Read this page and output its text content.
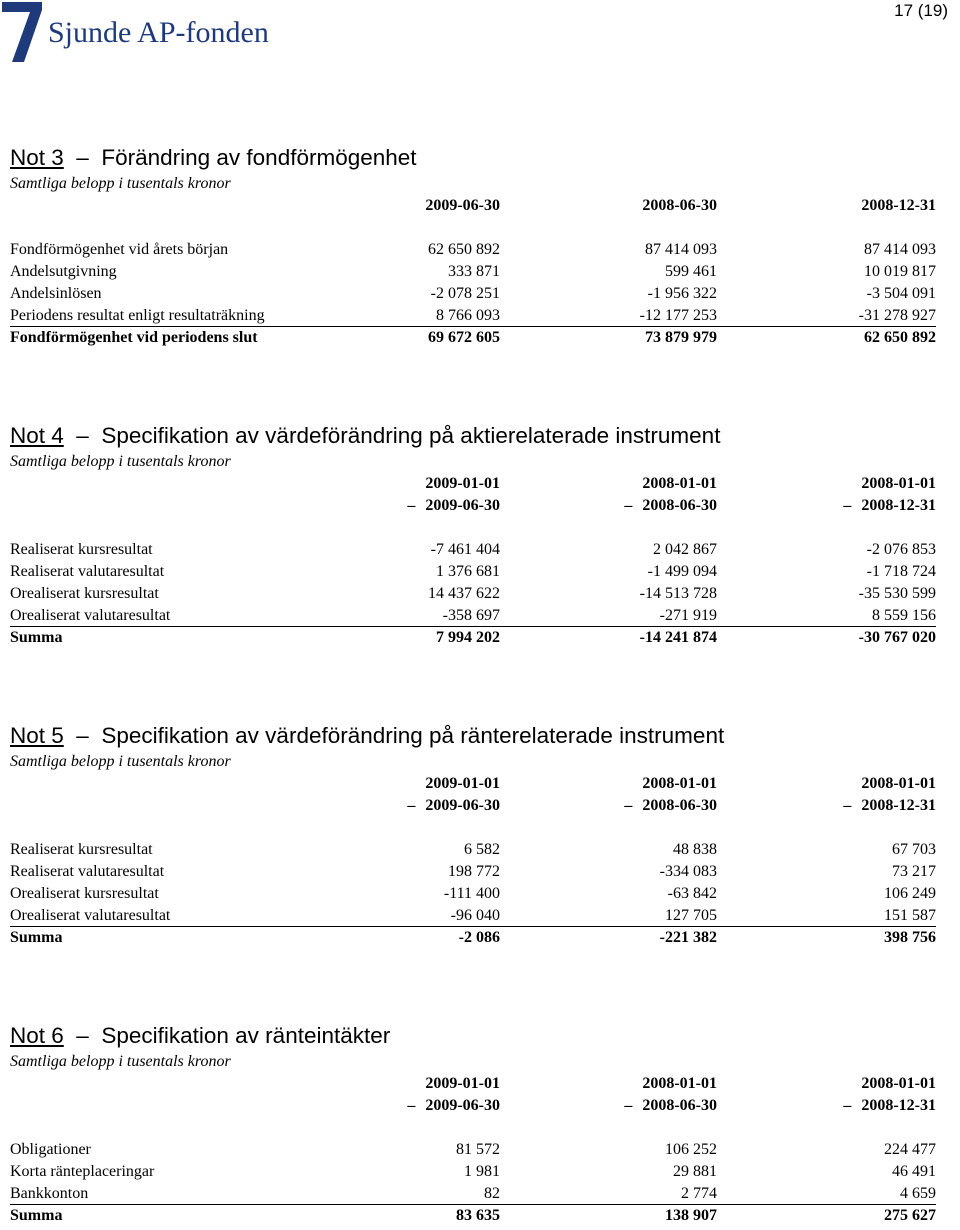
Sjunde AP-fonden
17 (19)
Not 3  –  Förändring av fondförmögenhet
Samtliga belopp i tusentals kronor
2009-06-30	2008-06-30	2008-12-31
Fondförmögenhet vid årets början	62 650 892	87 414 093	87 414 093
Andelsutgivning	333 871	599 461	10 019 817
Andelsinlösen	-2 078 251	-1 956 322	-3 504 091
Periodens resultat enligt resultaträkning	8 766 093	-12 177 253	-31 278 927
Fondförmögenhet vid periodens slut	69 672 605	73 879 979	62 650 892
Not 4  –  Specifikation av värdeförändring på aktierelaterade instrument
Samtliga belopp i tusentals kronor
2009-01-01	2008-01-01	2008-01-01
– 2009-06-30	– 2008-06-30	– 2008-12-31
Realiserat kursresultat	-7 461 404	2 042 867	-2 076 853
Realiserat valutaresultat	1 376 681	-1 499 094	-1 718 724
Orealiserat kursresultat	14 437 622	-14 513 728	-35 530 599
Orealiserat valutaresultat	-358 697	-271 919	8 559 156
Summa	7 994 202	-14 241 874	-30 767 020
Not 5  –  Specifikation av värdeförändring på ränterelaterade instrument
Samtliga belopp i tusentals kronor
2009-01-01	2008-01-01	2008-01-01
– 2009-06-30	– 2008-06-30	– 2008-12-31
Realiserat kursresultat	6 582	48 838	67 703
Realiserat valutaresultat	198 772	-334 083	73 217
Orealiserat kursresultat	-111 400	-63 842	106 249
Orealiserat valutaresultat	-96 040	127 705	151 587
Summa	-2 086	-221 382	398 756
Not 6  –  Specifikation av ränteintäkter
Samtliga belopp i tusentals kronor
2009-01-01	2008-01-01	2008-01-01
– 2009-06-30	– 2008-06-30	– 2008-12-31
Obligationer	81 572	106 252	224 477
Korta ränteplaceringar	1 981	29 881	46 491
Bankkonton	82	2 774	4 659
Summa	83 635	138 907	275 627
